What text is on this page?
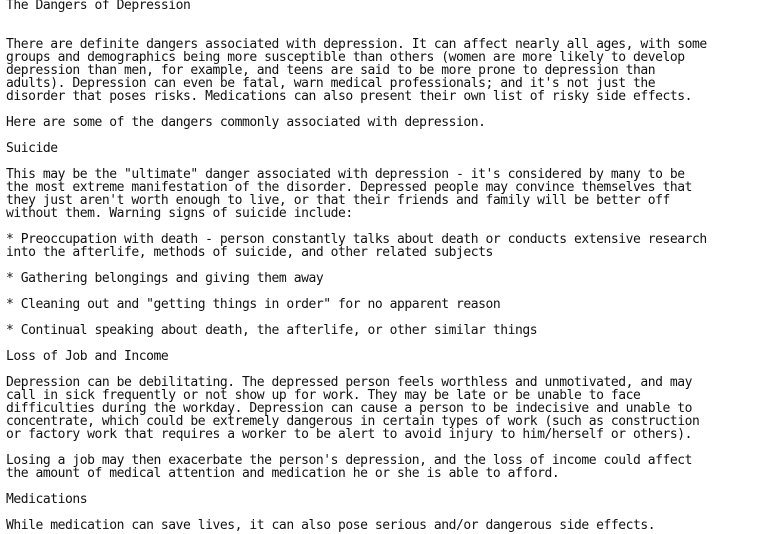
The Dangers of Depression
There are definite dangers associated with depression. It can affect nearly all ages, with some
groups and demographics being more susceptible than others (women are more likely to develop
depression than men, for example, and teens are said to be more prone to depression than
adults). Depression can even be fatal, warn medical professionals; and it's not just the
disorder that poses risks. Medications can also present their own list of risky side effects.
Here are some of the dangers commonly associated with depression.
Suicide
This may be the "ultimate" danger associated with depression - it's considered by many to be
the most extreme manifestation of the disorder. Depressed people may convince themselves that
they just aren't worth enough to live, or that their friends and family will be better off
without them. Warning signs of suicide include:
* Preoccupation with death - person constantly talks about death or conducts extensive research
into the afterlife, methods of suicide, and other related subjects
* Gathering belongings and giving them away
* Cleaning out and "getting things in order" for no apparent reason
* Continual speaking about death, the afterlife, or other similar things
Loss of Job and Income
Depression can be debilitating. The depressed person feels worthless and unmotivated, and may
call in sick frequently or not show up for work. They may be late or be unable to face
difficulties during the workday. Depression can cause a person to be indecisive and unable to
concentrate, which could be extremely dangerous in certain types of work (such as construction
or factory work that requires a worker to be alert to avoid injury to him/herself or others).
Losing a job may then exacerbate the person's depression, and the loss of income could affect
the amount of medical attention and medication he or she is able to afford.
Medications
While medication can save lives, it can also pose serious and/or dangerous side effects.
